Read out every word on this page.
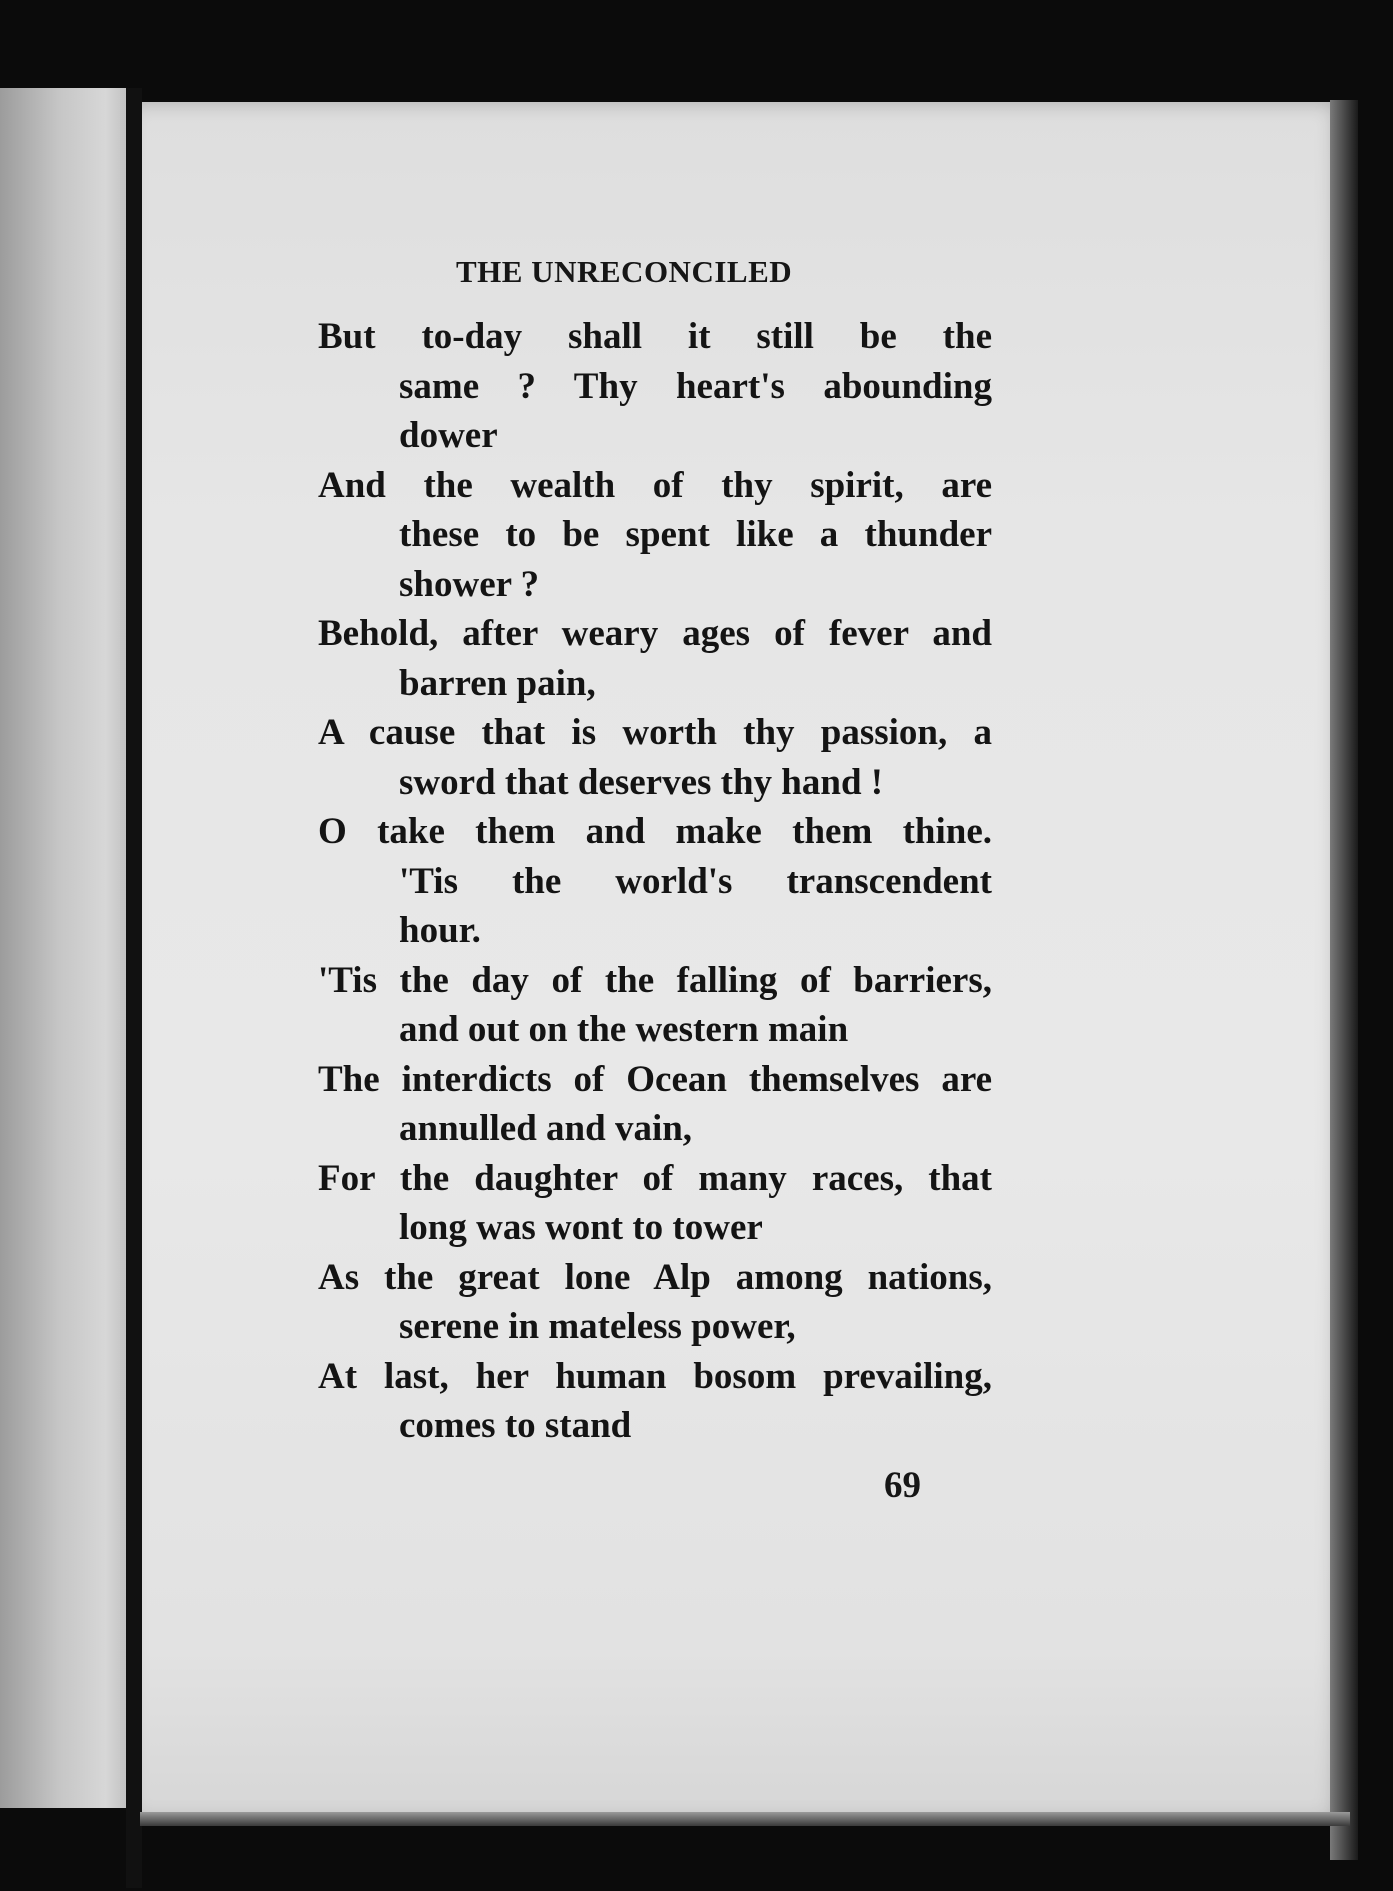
THE UNRECONCILED
But to-day shall it still be the
same ? Thy heart's abounding
dower
And the wealth of thy spirit, are
these to be spent like a thunder
shower ?
Behold, after weary ages of fever and
barren pain,
A cause that is worth thy passion, a
sword that deserves thy hand !
O take them and make them thine.
'Tis the world's transcendent
hour.
'Tis the day of the falling of barriers,
and out on the western main
The interdicts of Ocean themselves are
annulled and vain,
For the daughter of many races, that
long was wont to tower
As the great lone Alp among nations,
serene in mateless power,
At last, her human bosom prevailing,
comes to stand
69
